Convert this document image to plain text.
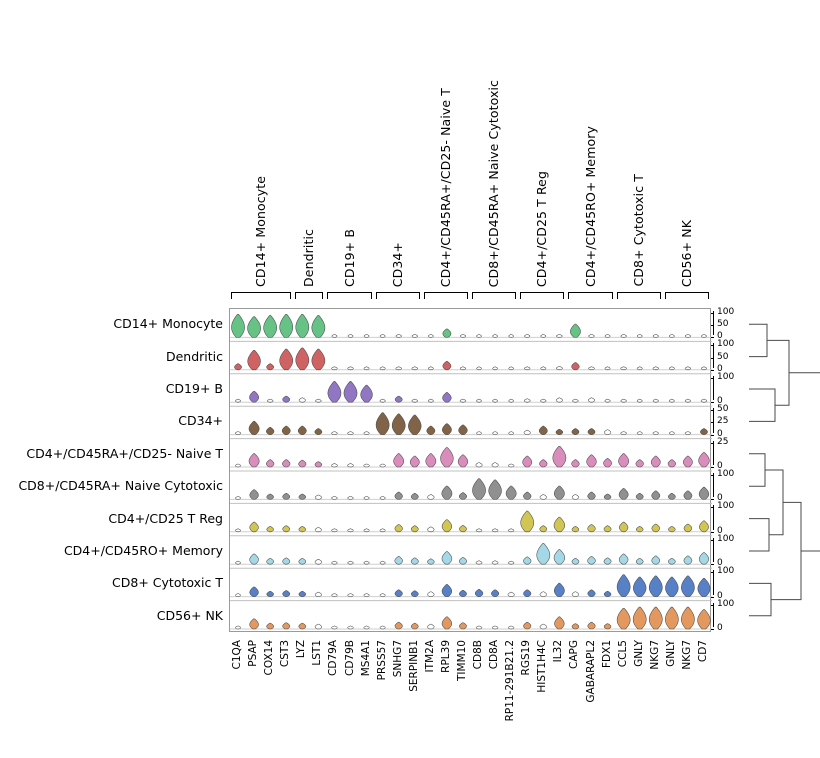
CD14+ Monocyte	Dendritic CD19+ B	CD34+	CD4+/CD45RA+/CD25- Naive T	CD8+/CD45RA+ Naive Cytotoxic	CD4+/CD25 T Reg	CD4+/CD45RO+ Memory	CD8+ Cytotoxic T	CD56+ NK
CD14+ Monocyte
Dendritic
CD19+ B
CD34+
CD4+/CD45RA+/CD25- Naive T
CD8+/CD45RA+ Naive Cytotoxic
CD4+/CD25 T Reg
CD4+/CD45RO+ Memory
CD8+ Cytotoxic T
CD56+ NK
0
50
100
0
50
100
0
100
0
25
50
0
25
0
100
0
100
0
100
0
100
0
100
C1QA PSAP COX14 CST3 LYZ LST1 CD79A CD79B MS4A1 PRSS57 SNHG7 SERPINB1 ITM2A RPL39 TIMM10 CD8B CD8A RP11-291B21.2 RGS19 HIST1H4C IL32 CAPG GABARAPL2 FDX1 CCL5 GNLY NKG7 GNLY NKG7 CD7
